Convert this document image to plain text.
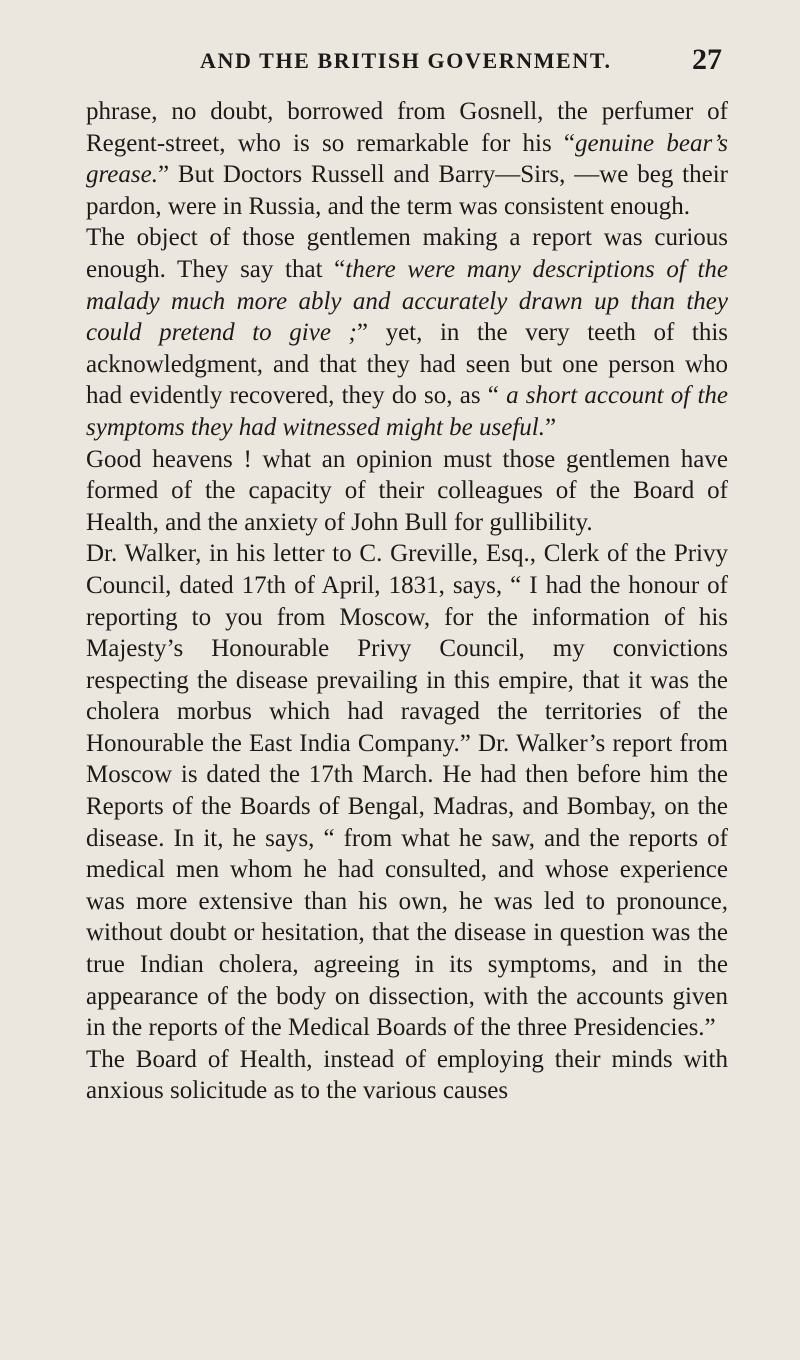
AND THE BRITISH GOVERNMENT.	27

phrase, no doubt, borrowed from Gosnell, the perfumer of Regent-street, who is so remarkable for his “genuine bear’s grease.” But Doctors Russell and Barry—Sirs, —we beg their pardon, were in Russia, and the term was consistent enough.

The object of those gentlemen making a report was curious enough. They say that “there were many descriptions of the malady much more ably and accurately drawn up than they could pretend to give ;” yet, in the very teeth of this acknowledgment, and that they had seen but one person who had evidently recovered, they do so, as “ a short account of the symptoms they had witnessed might be useful.”

Good heavens ! what an opinion must those gentlemen have formed of the capacity of their colleagues of the Board of Health, and the anxiety of John Bull for gullibility.

Dr. Walker, in his letter to C. Greville, Esq., Clerk of the Privy Council, dated 17th of April, 1831, says, “ I had the honour of reporting to you from Moscow, for the information of his Majesty’s Honourable Privy Council, my convictions respecting the disease prevailing in this empire, that it was the cholera morbus which had ravaged the territories of the Honourable the East India Company.” Dr. Walker’s report from Moscow is dated the 17th March. He had then before him the Reports of the Boards of Bengal, Madras, and Bombay, on the disease. In it, he says, “ from what he saw, and the reports of medical men whom he had consulted, and whose experience was more extensive than his own, he was led to pronounce, without doubt or hesitation, that the disease in question was the true Indian cholera, agreeing in its symptoms, and in the appearance of the body on dissection, with the accounts given in the reports of the Medical Boards of the three Presidencies.”

The Board of Health, instead of employing their minds with anxious solicitude as to the various causes
